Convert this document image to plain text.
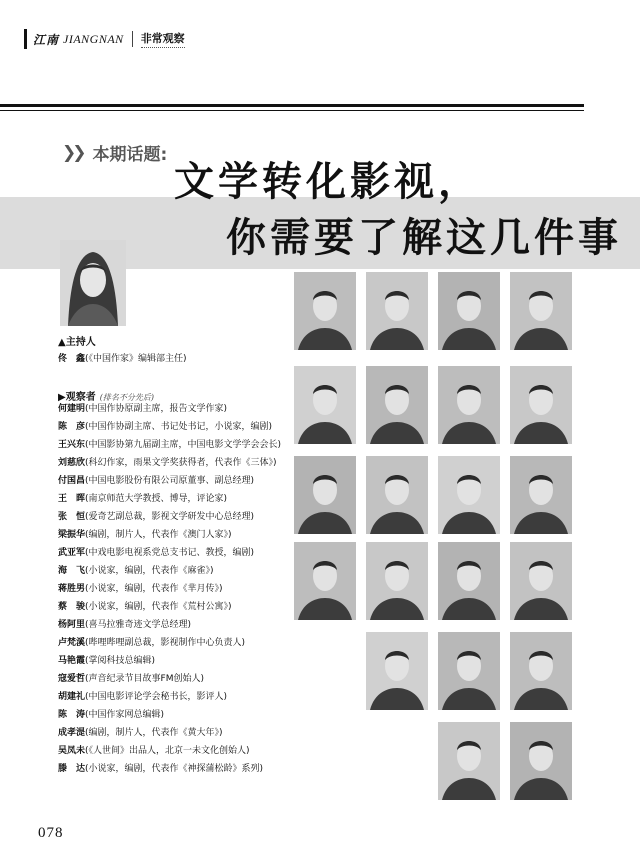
江南 JIANGNAN 非常观察
❯❯ 本期话题:
文学转化影视，
你需要了解这几件事
▲主持人
佟　鑫(《中国作家》编辑部主任)
▶观察者 (排名不分先后)
何建明(中国作协原副主席，报告文学作家)
陈　彦(中国作协副主席、书记处书记，小说家，编剧)
王兴东(中国影协第九届副主席，中国电影文学学会会长)
刘慈欣(科幻作家，雨果文学奖获得者，代表作《三体》)
付国昌(中国电影股份有限公司原董事、副总经理)
王　晖(南京师范大学教授、博导，评论家)
张　恒(爱奇艺副总裁，影视文学研发中心总经理)
梁振华(编剧，制片人，代表作《澳门人家》)
武亚军(中戏电影电视系党总支书记、教授，编剧)
海　飞(小说家，编剧，代表作《麻雀》)
蒋胜男(小说家，编剧，代表作《芈月传》)
蔡　骏(小说家，编剧，代表作《荒村公寓》)
杨阿里(喜马拉雅奇迹文学总经理)
卢梵溪(哔哩哔哩副总裁，影视制作中心负责人)
马艳霞(掌阅科技总编辑)
寇爱哲(声音纪录节目故事FM创始人)
胡建礼(中国电影评论学会秘书长，影评人)
陈　涛(中国作家网总编辑)
成孝湜(编剧，制片人，代表作《黄大年》)
吴凤未(《人世间》出品人，北京一未文化创始人)
滕　达(小说家，编剧，代表作《神探蒲松龄》系列)
078
